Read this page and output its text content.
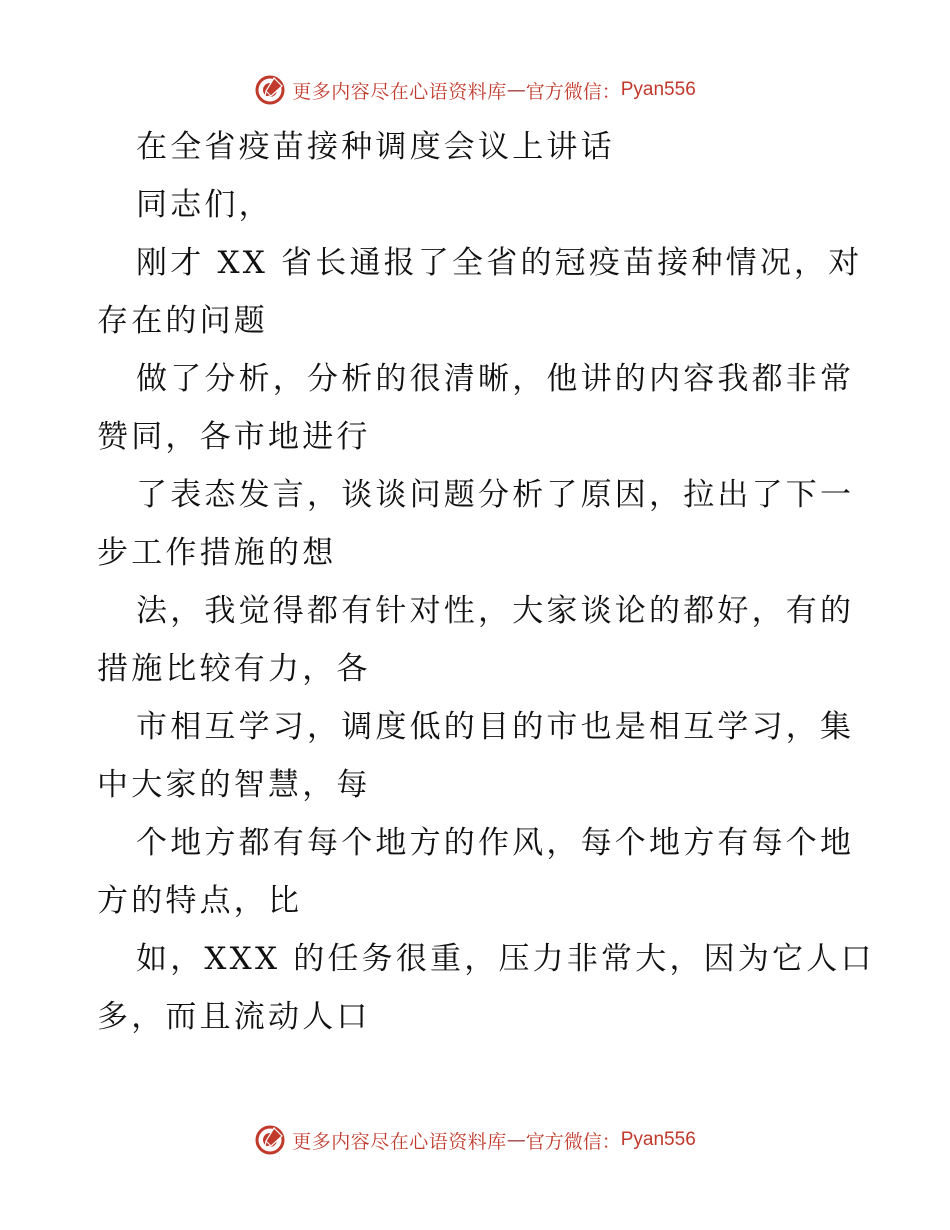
更多内容尽在心语资料库 — 官方微信： Pyan556
在全省疫苗接种调度会议上讲话
同志们，
刚才 XX 省长通报了全省的冠疫苗接种情况，对
存在的问题
做了分析，分析的很清晰，他讲的内容我都非常
赞同，各市地进行
了表态发言，谈谈问题分析了原因，拉出了下一
步工作措施的想
法，我觉得都有针对性，大家谈论的都好，有的
措施比较有力，各
市相互学习，调度低的目的市也是相互学习，集
中大家的智慧，每
个地方都有每个地方的作风，每个地方有每个地
方的特点，比
如，XXX 的任务很重，压力非常大，因为它人口
多，而且流动人口
更多内容尽在心语资料库 — 官方微信： Pyan556
